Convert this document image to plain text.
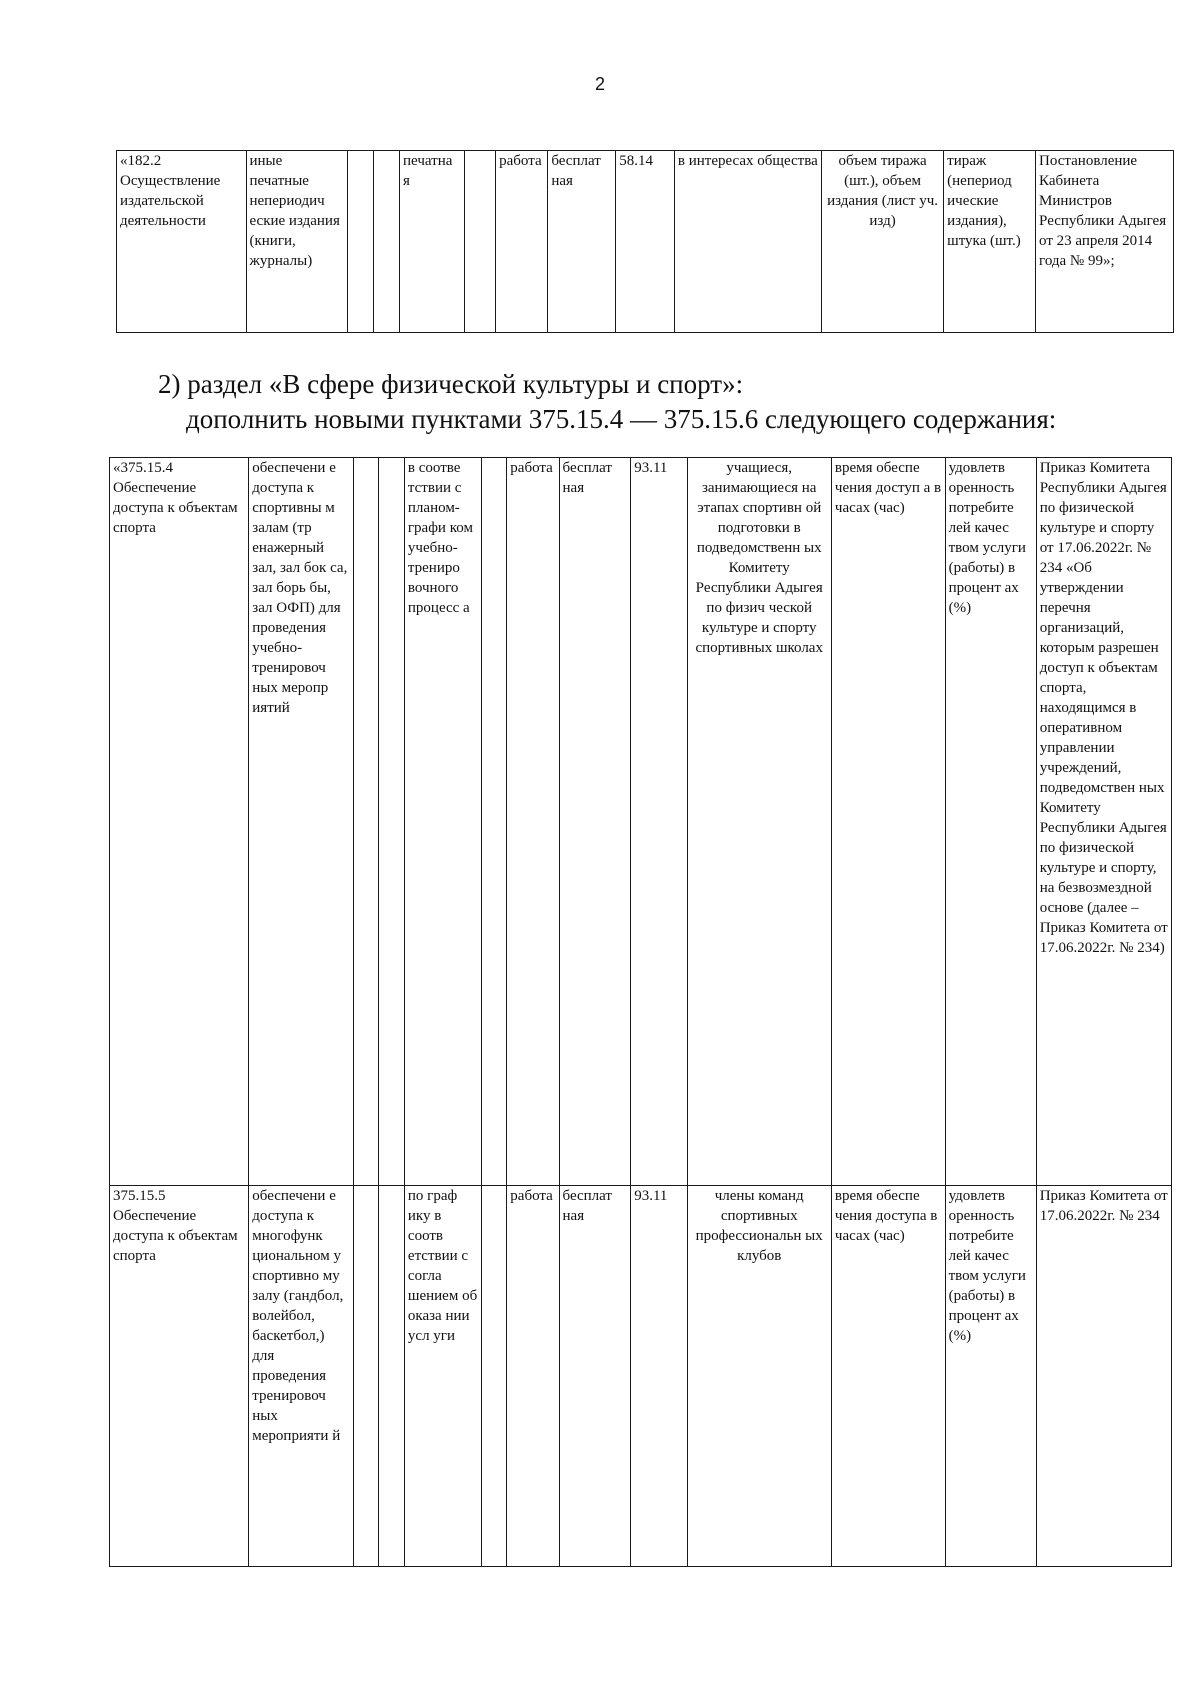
2
«182.2
Осуществление издательской деятельности	иные печатные непериодич еские издания (книги, журналы)			печатна я		работа	бесплат ная	58.14	в интересах общества	объем тиража (шт.), объем издания (лист уч. изд)	тираж (непериод ические издания), штука (шт.)	Постановление Кабинета Министров Республики Адыгея от 23 апреля 2014 года № 99»;
2) раздел «В сфере физической культуры и спорт»:
дополнить новыми пунктами 375.15.4 — 375.15.6 следующего содержания:
«375.15.4
Обеспечение доступа к объектам спорта	обеспечени е доступа к спортивны м залам (тр енажерный зал, зал бок са, зал борь бы, зал ОФП) для проведения учебно- тренировоч ных меропр иятий			в соотве тствии с планом- графи ком учебно- трениро вочного процесс а		работа	бесплат ная	93.11	учащиеся, занимающиеся на этапах спортивн ой подготовки в подведомственн ых Комитету Республики Адыгея по физич ческой культуре и спорту спортивных школах	время обеспе чения доступ а в часах (час)	удовлетв оренность потребите лей качес твом услуги (работы) в процент ах (%)	Приказ Комитета Республики Адыгея по физической культуре и спорту от 17.06.2022г. № 234 «Об утверждении перечня организаций, которым разрешен доступ к объектам спорта, находящимся в оперативном управлении учреждений, подведомствен ных Комитету Республики Адыгея по физической культуре и спорту, на безвозмездной основе (далее – Приказ Комитета от 17.06.2022г. № 234)
375.15.5
Обеспечение доступа к объектам спорта	обеспечени е доступа к многофунк циональном у спортивно му залу (гандбол, волейбол, баскетбол,) для проведения тренировоч ных мероприяти й			по граф ику в соотв етствии с согла шением об оказа нии усл уги		работа	бесплат ная	93.11	члены команд спортивных профессиональн ых клубов	время обеспе чения доступа в часах (час)	удовлетв оренность потребите лей качес твом услуги (работы) в процент ах (%)	Приказ Комитета от 17.06.2022г. № 234
